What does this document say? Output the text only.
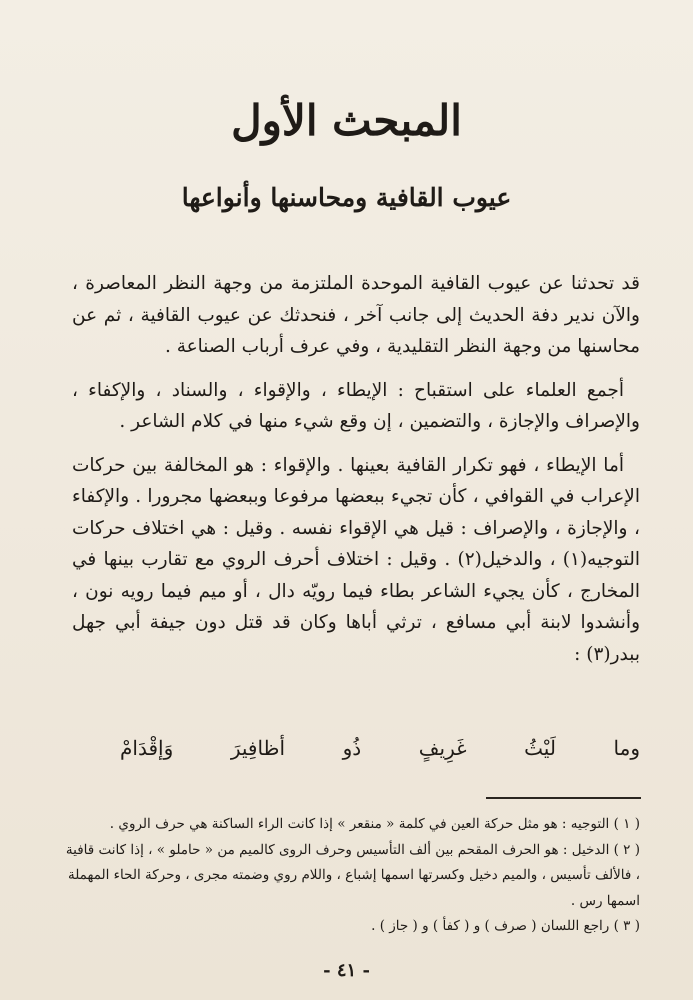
المبحث الأول
عيوب القافية ومحاسنها وأنواعها

قد تحدثنا عن عيوب القافية الموحدة الملتزمة من وجهة النظر المعاصرة ، والآن ندير دفة الحديث إلى جانب آخر ، فنحدثك عن عيوب القافية ، ثم عن محاسنها من وجهة النظر التقليدية ، وفي عرف أرباب الصناعة .

أجمع العلماء على استقباح : الإيطاء ، والإقواء ، والسناد ، والإكفاء ، والإصراف والإجازة ، والتضمين ، إن وقع شيء منها في كلام الشاعر .

أما الإيطاء ، فهو تكرار القافية بعينها . والإقواء : هو المخالفة بين حركات الإعراب في القوافي ، كأن تجيء ببعضها مرفوعا وببعضها مجرورا . والإكفاء ، والإجازة ، والإصراف : قيل هي الإقواء نفسه . وقيل : هي اختلاف حركات التوجيه(١) ، والدخيل(٢) . وقيل : اختلاف أحرف الروي مع تقارب بينها في المخارج ، كأن يجيء الشاعر بطاء فيما رويّه دال ، أو ميم فيما رويه نون ، وأنشدوا لابنة أبي مسافع ، ترثي أباها وكان قد قتل دون جيفة أبي جهل ببدر(٣) :

وما
لَيْثُ
غَرِيفٍ
ذُو
أظافِيرَ
وَإقْدَامْ

( ١ ) التوجيه : هو مثل حركة العين في كلمة « منقعر » إذا كانت الراء الساكنة هي حرف الروي .

( ٢ ) الدخيل : هو الحرف المقحم بين ألف التأسيس وحرف الروى كالميم من « حاملو » ، إذا كانت قافية ، فالألف تأسيس ، والميم دخيل وكسرتها اسمها إشباع ، واللام روي وضمته مجرى ، وحركة الحاء المهملة اسمها رس .

( ٣ ) راجع اللسان ( صرف ) و ( كفأ ) و ( جاز ) .

- ٤١ -
